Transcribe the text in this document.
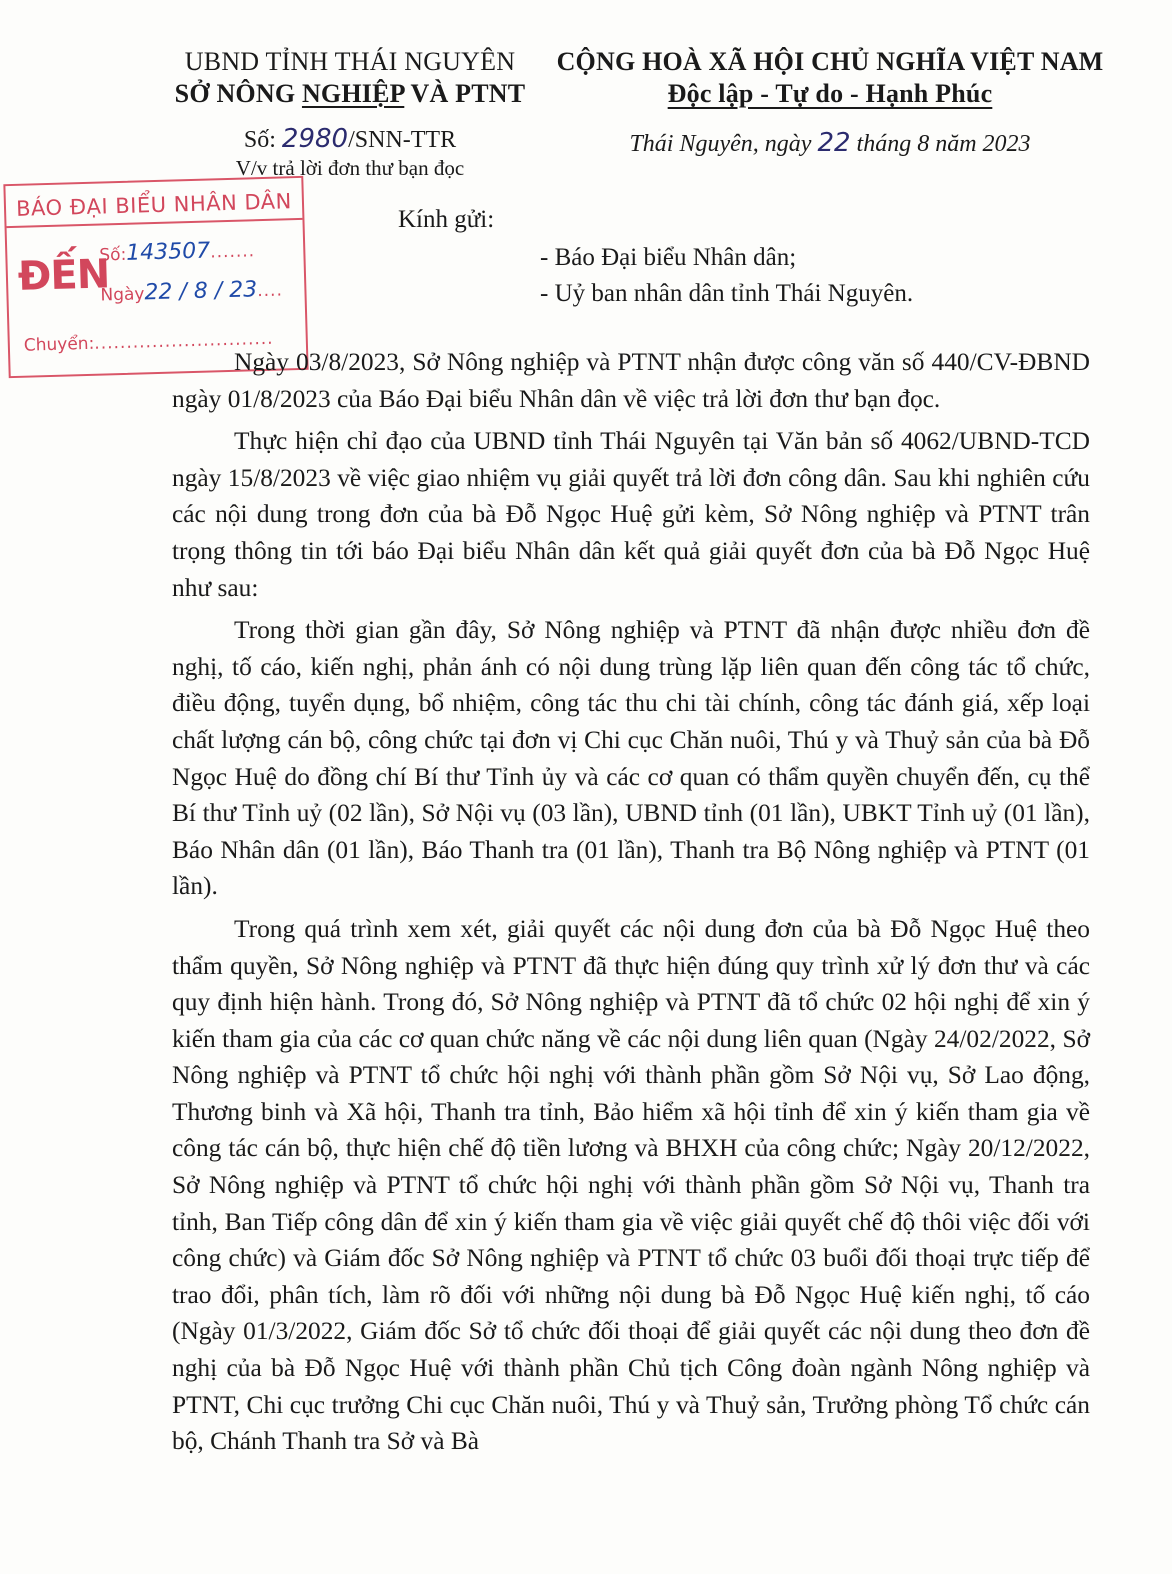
UBND TỈNH THÁI NGUYÊN
SỞ NÔNG NGHIỆP VÀ PTNT
Số: 2980/SNN-TTR
V/v trả lời đơn thư bạn đọc
CỘNG HOÀ XÃ HỘI CHỦ NGHĨA VIỆT NAM
Độc lập - Tự do - Hạnh Phúc
Thái Nguyên, ngày 22 tháng 8 năm 2023
BÁO ĐẠI BIỂU NHÂN DÂN
ĐẾN
Số:143507.......
Ngày22 / 8 / 23....
Chuyển:............................
Kính gửi:
- Báo Đại biểu Nhân dân;
- Uỷ ban nhân dân tỉnh Thái Nguyên.

Ngày 03/8/2023, Sở Nông nghiệp và PTNT nhận được công văn số 440/CV-ĐBND ngày 01/8/2023 của Báo Đại biểu Nhân dân về việc trả lời đơn thư bạn đọc.

Thực hiện chỉ đạo của UBND tỉnh Thái Nguyên tại Văn bản số 4062/UBND-TCD ngày 15/8/2023 về việc giao nhiệm vụ giải quyết trả lời đơn công dân. Sau khi nghiên cứu các nội dung trong đơn của bà Đỗ Ngọc Huệ gửi kèm, Sở Nông nghiệp và PTNT trân trọng thông tin tới báo Đại biểu Nhân dân kết quả giải quyết đơn của bà Đỗ Ngọc Huệ như sau:

Trong thời gian gần đây, Sở Nông nghiệp và PTNT đã nhận được nhiều đơn đề nghị, tố cáo, kiến nghị, phản ánh có nội dung trùng lặp liên quan đến công tác tổ chức, điều động, tuyển dụng, bổ nhiệm, công tác thu chi tài chính, công tác đánh giá, xếp loại chất lượng cán bộ, công chức tại đơn vị Chi cục Chăn nuôi, Thú y và Thuỷ sản của bà Đỗ Ngọc Huệ do đồng chí Bí thư Tỉnh ủy và các cơ quan có thẩm quyền chuyển đến, cụ thể Bí thư Tỉnh uỷ (02 lần), Sở Nội vụ (03 lần), UBND tỉnh (01 lần), UBKT Tỉnh uỷ (01 lần), Báo Nhân dân (01 lần), Báo Thanh tra (01 lần), Thanh tra Bộ Nông nghiệp và PTNT (01 lần).

Trong quá trình xem xét, giải quyết các nội dung đơn của bà Đỗ Ngọc Huệ theo thẩm quyền, Sở Nông nghiệp và PTNT đã thực hiện đúng quy trình xử lý đơn thư và các quy định hiện hành. Trong đó, Sở Nông nghiệp và PTNT đã tổ chức 02 hội nghị để xin ý kiến tham gia của các cơ quan chức năng về các nội dung liên quan (Ngày 24/02/2022, Sở Nông nghiệp và PTNT tổ chức hội nghị với thành phần gồm Sở Nội vụ, Sở Lao động, Thương binh và Xã hội, Thanh tra tỉnh, Bảo hiểm xã hội tỉnh để xin ý kiến tham gia về công tác cán bộ, thực hiện chế độ tiền lương và BHXH của công chức; Ngày 20/12/2022, Sở Nông nghiệp và PTNT tổ chức hội nghị với thành phần gồm Sở Nội vụ, Thanh tra tỉnh, Ban Tiếp công dân để xin ý kiến tham gia về việc giải quyết chế độ thôi việc đối với công chức) và Giám đốc Sở Nông nghiệp và PTNT tổ chức 03 buổi đối thoại trực tiếp để trao đổi, phân tích, làm rõ đối với những nội dung bà Đỗ Ngọc Huệ kiến nghị, tố cáo (Ngày 01/3/2022, Giám đốc Sở tổ chức đối thoại để giải quyết các nội dung theo đơn đề nghị của bà Đỗ Ngọc Huệ với thành phần Chủ tịch Công đoàn ngành Nông nghiệp và PTNT, Chi cục trưởng Chi cục Chăn nuôi, Thú y và Thuỷ sản, Trưởng phòng Tổ chức cán bộ, Chánh Thanh tra Sở và Bà
